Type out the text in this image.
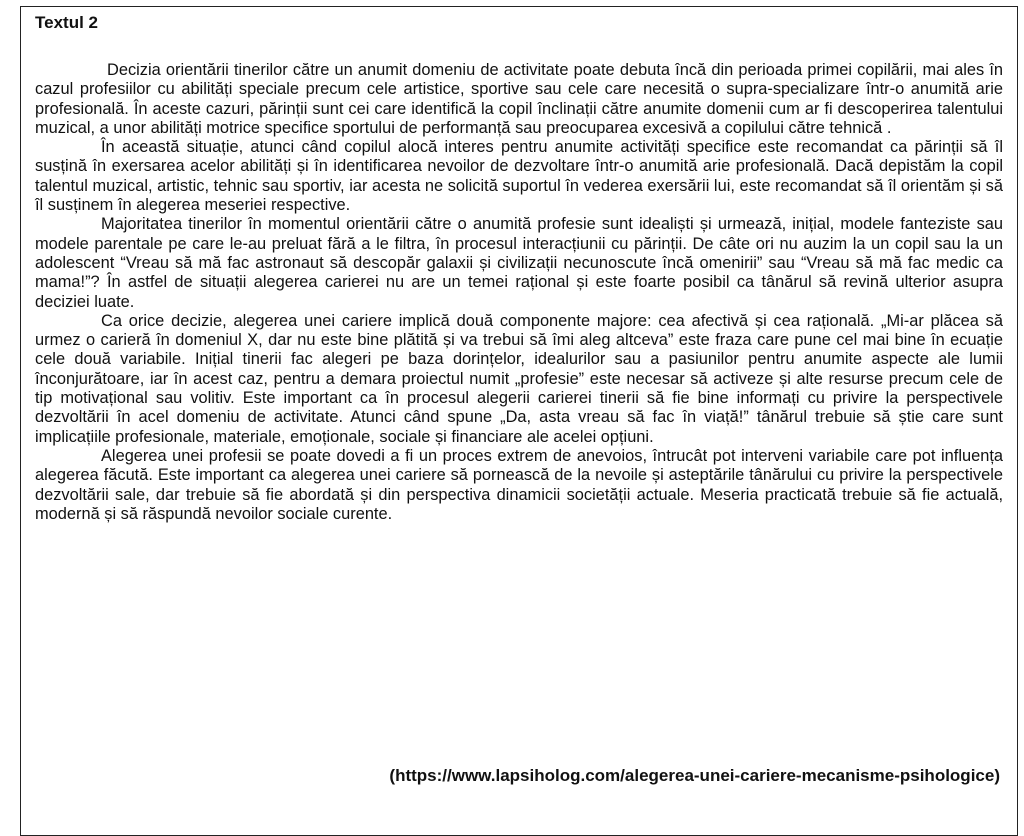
Textul 2

Decizia orientării tinerilor către un anumit domeniu de activitate poate debuta încă din perioada primei copilării, mai ales în cazul profesiilor cu abilități speciale precum cele artistice, sportive sau cele care necesită o supra-specializare într-o anumită arie profesională. În aceste cazuri, părinții sunt cei care identifică la copil înclinații către anumite domenii cum ar fi descoperirea talentului muzical, a unor abilități motrice specifice sportului de performanță sau preocuparea excesivă a copilului către tehnică .

În această situație, atunci când copilul alocă interes pentru anumite activități specifice este recomandat ca părinții să îl susțină în exersarea acelor abilități și în identificarea nevoilor de dezvoltare într-o anumită arie profesională. Dacă depistăm la copil talentul muzical, artistic, tehnic sau sportiv, iar acesta ne solicită suportul în vederea exersării lui, este recomandat să îl orientăm și să îl susținem în alegerea meseriei respective.

Majoritatea tinerilor în momentul orientării către o anumită profesie sunt idealiști și urmează, inițial, modele fanteziste sau modele parentale pe care le-au preluat fără a le filtra, în procesul interacțiunii cu părinții. De câte ori nu auzim la un copil sau la un adolescent “Vreau să mă fac astronaut să descopăr galaxii și civilizații necunoscute încă omenirii” sau “Vreau să mă fac medic ca mama!”? În astfel de situații alegerea carierei nu are un temei rațional și este foarte posibil ca tânărul să revină ulterior asupra deciziei luate.

Ca orice decizie, alegerea unei cariere implică două componente majore: cea afectivă și cea rațională. „Mi-ar plăcea să urmez o carieră în domeniul X, dar nu este bine plătită și va trebui să îmi aleg altceva” este fraza care pune cel mai bine în ecuație cele două variabile. Inițial tinerii fac alegeri pe baza dorințelor, idealurilor sau a pasiunilor pentru anumite aspecte ale lumii înconjurătoare, iar în acest caz, pentru a demara proiectul numit „profesie” este necesar să activeze și alte resurse precum cele de tip motivațional sau volitiv. Este important ca în procesul alegerii carierei tinerii să fie bine informați cu privire la perspectivele dezvoltării în acel domeniu de activitate. Atunci când spune „Da, asta vreau să fac în viață!” tânărul trebuie să știe care sunt implicațiile profesionale, materiale, emoționale, sociale și financiare ale acelei opțiuni.

Alegerea unei profesii se poate dovedi a fi un proces extrem de anevoios, întrucât pot interveni variabile care pot influența alegerea făcută. Este important ca alegerea unei cariere să pornească de la nevoile și asteptările tânărului cu privire la perspectivele dezvoltării sale, dar trebuie să fie abordată și din perspectiva dinamicii societății actuale. Meseria practicată trebuie să fie actuală, modernă și să răspundă nevoilor sociale curente.

(https://www.lapsiholog.com/alegerea-unei-cariere-mecanisme-psihologice)
